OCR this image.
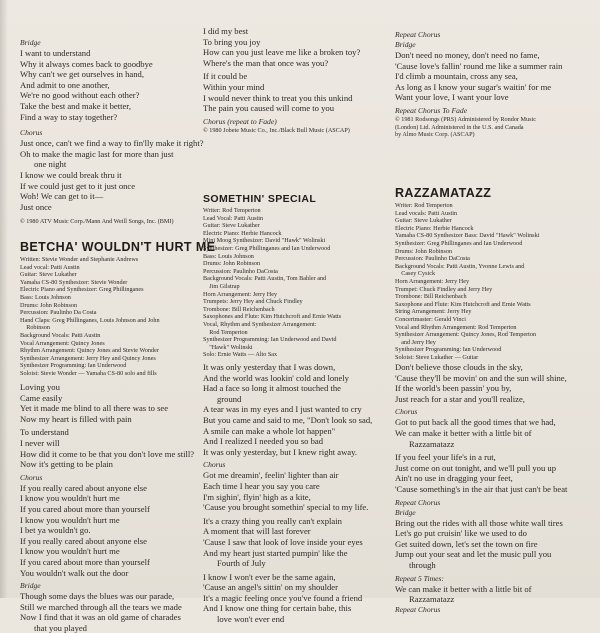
Bridge
I want to understand
Why it always comes back to goodbye
Why can't we get ourselves in hand,
And admit to one another,
We're no good without each other?
Take the best and make it better,
Find a way to stay together?
Chorus
Just once, can't we find a way to fin'lly make it right?
Oh to make the magic last for more than just
one night
I know we could break thru it
If we could just get to it just once
Woh! We can get to it—
Just once
© 1980 ATV Music Corp./Mann And Weill Songs, Inc. (BMI)
BETCHA' WOULDN'T HURT ME
Written: Stevie Wonder and Stephanie Andrews
Lead vocal: Patti Austin
Guitar: Steve Lukather
Yamaha CS-80 Synthesizer: Stevie Wonder
Electric Piano and Synthesizer: Greg Phillinganes
Bass: Louis Johnson
Drums: John Robinson
Percussion: Paulinho Da Costa
Hand Claps: Greg Phillinganes, Louis Johnson and John
Robinson
Background Vocals: Patti Austin
Vocal Arrangement: Quincy Jones
Rhythm Arrangement: Quincy Jones and Stevie Wonder
Synthesizer Arrangement: Jerry Hey and Quincy Jones
Synthesizer Programming: Ian Underwood
Soloist: Stevie Wonder — Yamaha CS-80 solo and fills
Loving you
Came easily
Yet it made me blind to all there was to see
Now my heart is filled with pain
To understand
I never will
How did it come to be that you don't love me still?
Now it's getting to be plain
Chorus
If you really cared about anyone else
I know you wouldn't hurt me
If you cared about more than yourself
I know you wouldn't hurt me
I bet ya wouldn't go.
If you really cared about anyone else
I know you wouldn't hurt me
If you cared about more than yourself
You wouldn't walk out the door
Bridge
Though some days the blues was our parade,
Still we marched through all the tears we made
Now I find that it was an old game of charades
that you played
I did my best
To bring you joy
How can you just leave me like a broken toy?
Where's the man that once was you?
If it could be
Within your mind
I would never think to treat you this unkind
The pain you caused will come to you
Chorus (repeat to Fade)
© 1980 Jobete Music Co., Inc./Black Bull Music (ASCAP)
SOMETHIN' SPECIAL
Writer: Rod Temperton
Lead Vocal: Patti Austin
Guitar: Steve Lukather
Electric Piano: Herbie Hancock
Mini Moog Synthesizer: David "Hawk" Wolinski
Synthesizer: Greg Phillinganes and Ian Underwood
Bass: Louis Johnson
Drums: John Robinson
Percussion: Paulinho DaCosta
Background Vocals: Patti Austin, Tom Bahler and
Jim Gilstrap
Horn Arrangement: Jerry Hey
Trumpets: Jerry Hey and Chuck Findley
Trombone: Bill Reichenbach
Saxophones and Flute: Kim Hutchcroft and Ernie Watts
Vocal, Rhythm and Synthesizer Arrangement:
Rod Temperton
Synthesizer Programming: Ian Underwood and David
"Hawk" Wolinski
Solo: Ernie Watts — Alto Sax
It was only yesterday that I was down,
And the world was lookin' cold and lonely
Had a face so long it almost touched the
ground
A tear was in my eyes and I just wanted to cry
But you came and said to me, "Don't look so sad,
A smile can make a whole lot happen"
And I realized I needed you so bad
It was only yesterday, but I knew right away.
Chorus
Got me dreamin', feelin' lighter than air
Each time I hear you say you care
I'm sighin', flyin' high as a kite,
'Cause you brought somethin' special to my life.
It's a crazy thing you really can't explain
A moment that will last forever
'Cause I saw that look of love inside your eyes
And my heart just started pumpin' like the
Fourth of July
I know I won't ever be the same again,
'Cause an angel's sittin' on my shoulder
It's a magic feeling once you've found a friend
And I know one thing for certain babe, this
love won't ever end
Repeat Chorus
Bridge
Don't need no money, don't need no fame,
'Cause love's fallin' round me like a summer rain
I'd climb a mountain, cross any sea,
As long as I know your sugar's waitin' for me
Want your love, I want your love
Repeat Chorus To Fade
© 1981 Rodsongs (PRS) Administered by Rondor Music
(London) Ltd. Administered in the U.S. and Canada
by Almo Music Corp. (ASCAP)
RAZZAMATAZZ
Writer: Rod Temperton
Lead vocals: Patti Austin
Guitar: Steve Lukather
Electric Piano: Herbie Hancock
Yamaha CS-80 Synthesizer Bass: David "Hawk" Wolinski
Synthesizer: Greg Phillinganes and Ian Underwood
Drums: John Robinson
Percussion: Paulinho DaCosta
Background Vocals: Patti Austin, Yvonne Lewis and
Casey Cysick
Horn Arrangement: Jerry Hey
Trumpet: Chuck Findley and Jerry Hey
Trombone: Bill Reichenbach
Saxophone and Flute: Kim Hutchcroft and Ernie Watts
String Arrangement: Jerry Hey
Concertmaster: Gerald Vinci
Vocal and Rhythm Arrangement: Rod Temperton
Synthesizer Arrangement: Quincy Jones, Rod Temperton
and Jerry Hey
Synthesizer Programming: Ian Underwood
Soloist: Steve Lukather — Guitar
Don't believe those clouds in the sky,
'Cause they'll be movin' on and the sun will shine,
If the world's been passin' you by,
Just reach for a star and you'll realize,
Chorus
Got to put back all the good times that we had,
We can make it better with a little bit of
Razzamatazz
If you feel your life's in a rut,
Just come on out tonight, and we'll pull you up
Ain't no use in dragging your feet,
'Cause something's in the air that just can't be beat
Repeat Chorus
Bridge
Bring out the rides with all those white wall tires
Let's go put cruisin' like we used to do
Get suited down, let's set the town on fire
Jump out your seat and let the music pull you
through
Repeat 5 Times:
We can make it better with a little bit of
Razzamatazz
Repeat Chorus
